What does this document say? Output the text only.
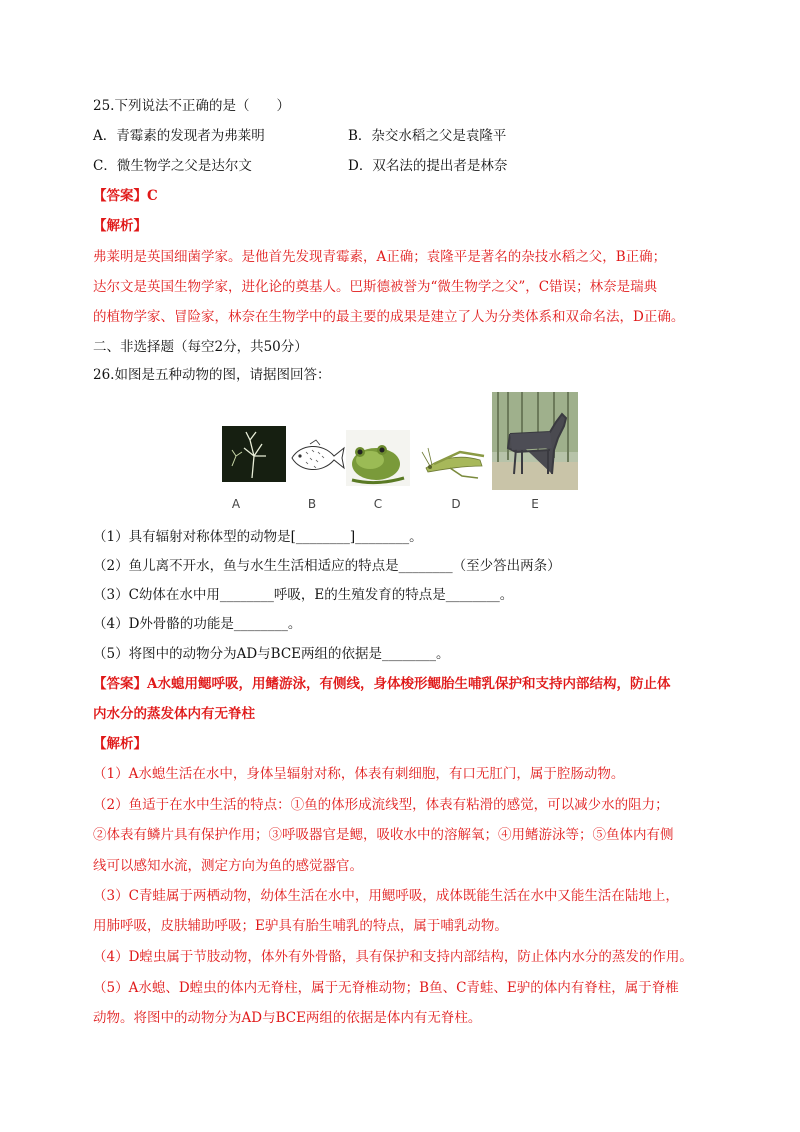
25.下列说法不正确的是（　　）
A．青霉素的发现者为弗莱明	B．杂交水稻之父是袁隆平
C．微生物学之父是达尔文	D．双名法的提出者是林奈
【答案】C
【解析】
弗莱明是英国细菌学家。是他首先发现青霉素，A正确；袁隆平是著名的杂技水稻之父，B正确；
达尔文是英国生物学家，进化论的奠基人。巴斯德被誉为“微生物学之父”，C错误；林奈是瑞典
的植物学家、冒险家，林奈在生物学中的最主要的成果是建立了人为分类体系和双命名法，D正确。
二、非选择题（每空2分，共50分）
26.如图是五种动物的图，请据图回答：
A	B	C	D	E
（1）具有辐射对称体型的动物是[________]________。
（2）鱼儿离不开水，鱼与水生生活相适应的特点是________（至少答出两条）
（3）C幼体在水中用________呼吸，E的生殖发育的特点是________。
（4）D外骨骼的功能是________。
（5）将图中的动物分为AD与BCE两组的依据是________。
【答案】A水螅用鳃呼吸，用鳍游泳，有侧线，身体梭形鳃胎生哺乳保护和支持内部结构，防止体
内水分的蒸发体内有无脊柱
【解析】
（1）A水螅生活在水中，身体呈辐射对称，体表有刺细胞，有口无肛门，属于腔肠动物。
（2）鱼适于在水中生活的特点：①鱼的体形成流线型，体表有粘滑的感觉，可以减少水的阻力；
②体表有鳞片具有保护作用；③呼吸器官是鳃，吸收水中的溶解氧；④用鳍游泳等；⑤鱼体内有侧
线可以感知水流，测定方向为鱼的感觉器官。
（3）C青蛙属于两栖动物，幼体生活在水中，用鳃呼吸，成体既能生活在水中又能生活在陆地上，
用肺呼吸，皮肤辅助呼吸；E驴具有胎生哺乳的特点，属于哺乳动物。
（4）D蝗虫属于节肢动物，体外有外骨骼，具有保护和支持内部结构，防止体内水分的蒸发的作用。
（5）A水螅、D蝗虫的体内无脊柱，属于无脊椎动物；B鱼、C青蛙、E驴的体内有脊柱，属于脊椎
动物。将图中的动物分为AD与BCE两组的依据是体内有无脊柱。
